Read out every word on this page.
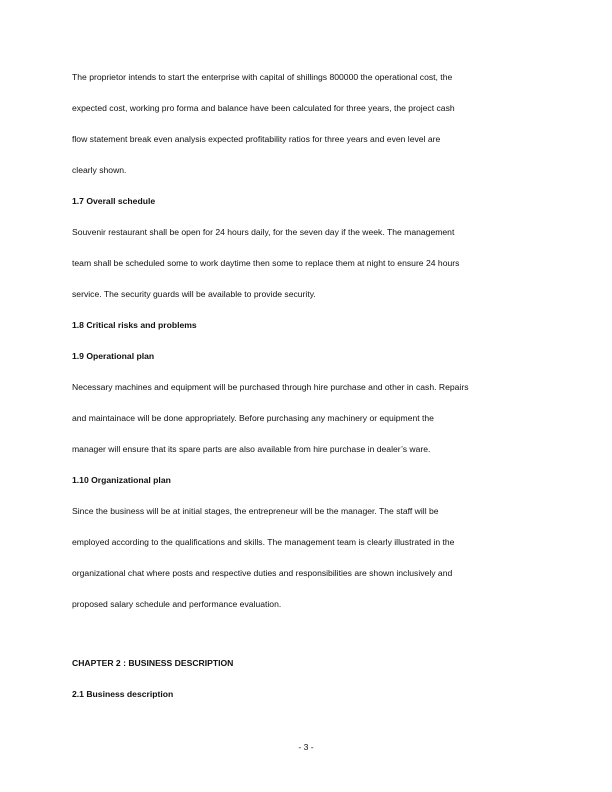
The proprietor intends to start the enterprise with capital of shillings 800000 the operational cost, the
expected cost, working pro forma and balance have been calculated for three years, the project cash
flow statement break even analysis expected profitability ratios for three years and even level are
clearly shown.

1.7 Overall schedule

Souvenir restaurant shall be open for 24 hours daily, for the seven day if the week. The management
team shall be scheduled some to work daytime then some to replace them at night to ensure 24 hours
service. The security guards will be available to provide security.

1.8 Critical risks and problems
1.9 Operational plan

Necessary machines and equipment will be purchased through hire purchase and other in cash. Repairs
and maintainace will be done appropriately. Before purchasing any machinery or equipment the
manager will ensure that its spare parts are also available from hire purchase in dealer’s ware.

1.10 Organizational plan

Since the business will be at initial stages, the entrepreneur will be the manager. The staff will be
employed according to the qualifications and skills. The management team is clearly illustrated in the
organizational chat where posts and respective duties and responsibilities are shown inclusively and
proposed salary schedule and performance evaluation.

CHAPTER 2 : BUSINESS DESCRIPTION
2.1 Business description
- 3 -
